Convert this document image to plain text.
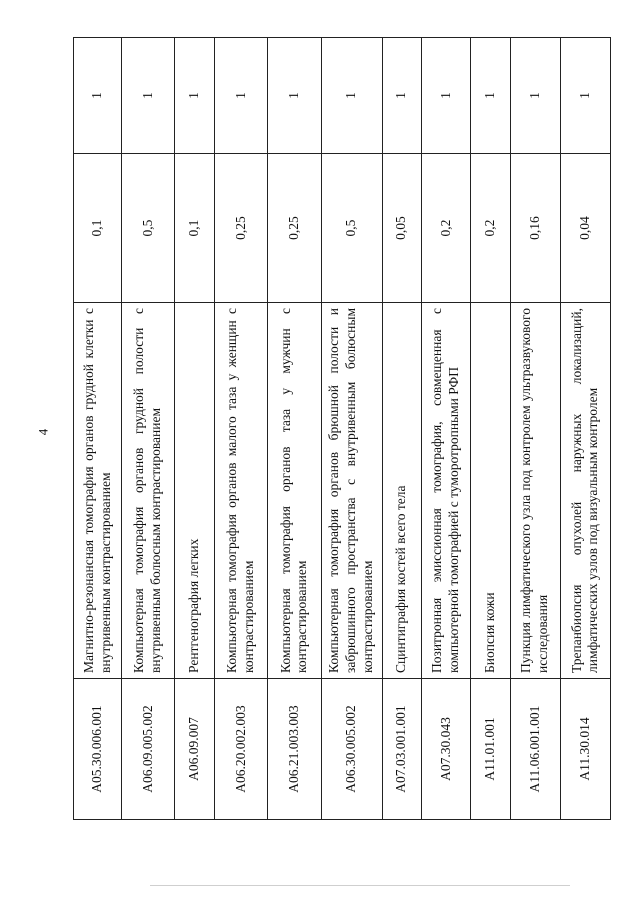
4
А05.30.006.001	Магнитно-резонансная томография органов грудной клетки с внутривенным контрастированием	0,1	1
А06.09.005.002	Компьютерная томография органов грудной полости с внутривенным болюсным контрастированием	0,5	1
А06.09.007	Рентгенография легких	0,1	1
А06.20.002.003	Компьютерная томография органов малого таза у женщин с контрастированием	0,25	1
А06.21.003.003	Компьютерная томография органов таза у мужчин с контрастированием	0,25	1
А06.30.005.002	Компьютерная томография органов брюшной полости и забрюшинного пространства с внутривенным болюсным контрастированием	0,5	1
А07.03.001.001	Сцинтиграфия костей всего тела	0,05	1
А07.30.043	Позитронная эмиссионная томография, совмещенная с компьютерной томографией с туморотропными РФП	0,2	1
А11.01.001	Биопсия кожи	0,2	1
А11.06.001.001	Пункция лимфатического узла под контролем ультразвукового исследования	0,16	1
А11.30.014	Трепанбиопсия опухолей наружных локализаций, лимфатических узлов под визуальным контролем	0,04	1
